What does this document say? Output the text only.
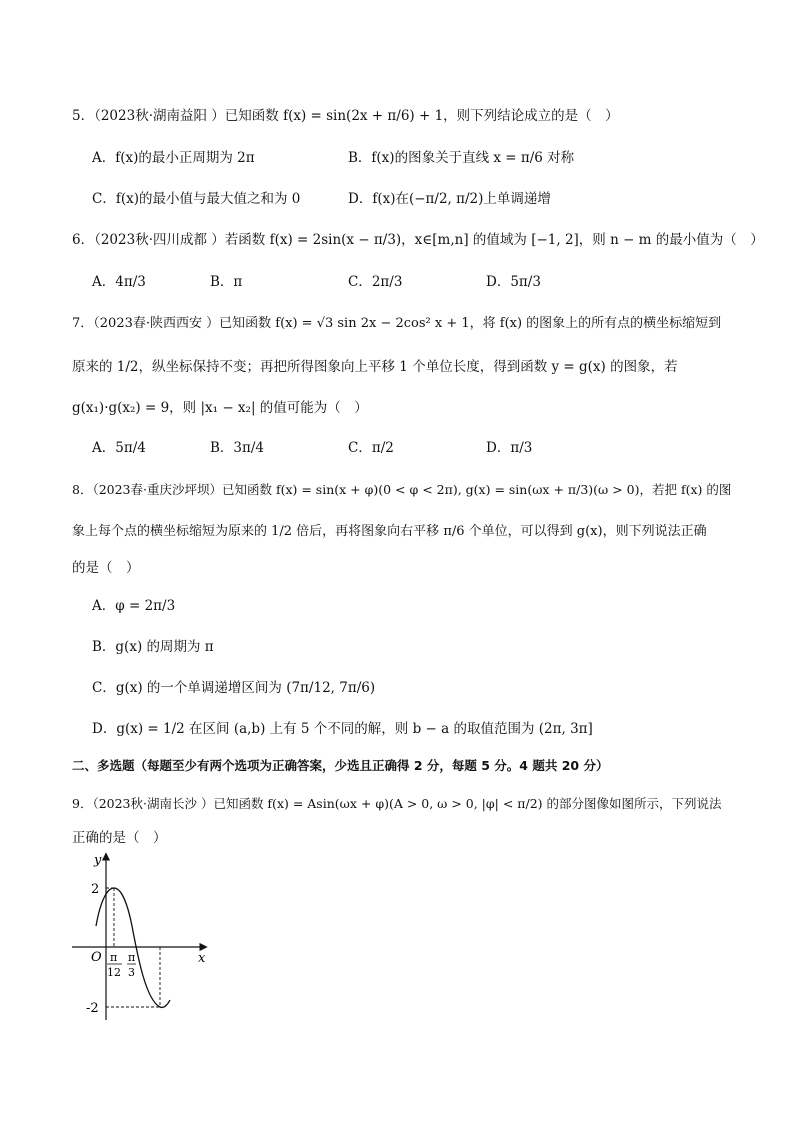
5．（2023秋·湖南益阳 ）已知函数 f(x) = sin(2x + π/6) + 1，则下列结论成立的是（　）
A．f(x)的最小正周期为 2π	B．f(x)的图象关于直线 x = π/6 对称
C．f(x)的最小值与最大值之和为 0	D．f(x)在(−π/2, π/2)上单调递增
6．（2023秋·四川成都 ）若函数 f(x) = 2sin(x − π/3)，x∈[m,n] 的值域为 [−1, 2]，则 n − m 的最小值为（　）
A．4π/3	B．π	C．2π/3	D．5π/3
7．（2023春·陕西西安 ）已知函数 f(x) = √3 sin 2x − 2cos² x + 1，将 f(x) 的图象上的所有点的横坐标缩短到
原来的 1/2，纵坐标保持不变；再把所得图象向上平移 1 个单位长度，得到函数 y = g(x) 的图象，若
g(x₁)·g(x₂) = 9，则 |x₁ − x₂| 的值可能为（　）
A．5π/4	B．3π/4	C．π/2	D．π/3
8．（2023春·重庆沙坪坝）已知函数 f(x) = sin(x + φ)(0 < φ < 2π), g(x) = sin(ωx + π/3)(ω > 0)，若把 f(x) 的图
象上每个点的横坐标缩短为原来的 1/2 倍后，再将图象向右平移 π/6 个单位，可以得到 g(x)，则下列说法正确
的是（　）
A．φ = 2π/3
B．g(x) 的周期为 π
C．g(x) 的一个单调递增区间为 (7π/12, 7π/6)
D．g(x) = 1/2 在区间 (a,b) 上有 5 个不同的解，则 b − a 的取值范围为 (2π, 3π]
二、多选题（每题至少有两个选项为正确答案，少选且正确得 2 分，每题 5 分。4 题共 20 分）
9．（2023秋·湖南长沙 ）已知函数 f(x) = Asin(ωx + φ)(A > 0, ω > 0, |φ| < π/2) 的部分图像如图所示，下列说法
正确的是（　）
y
x
O
2
-2
π
12
π
3
